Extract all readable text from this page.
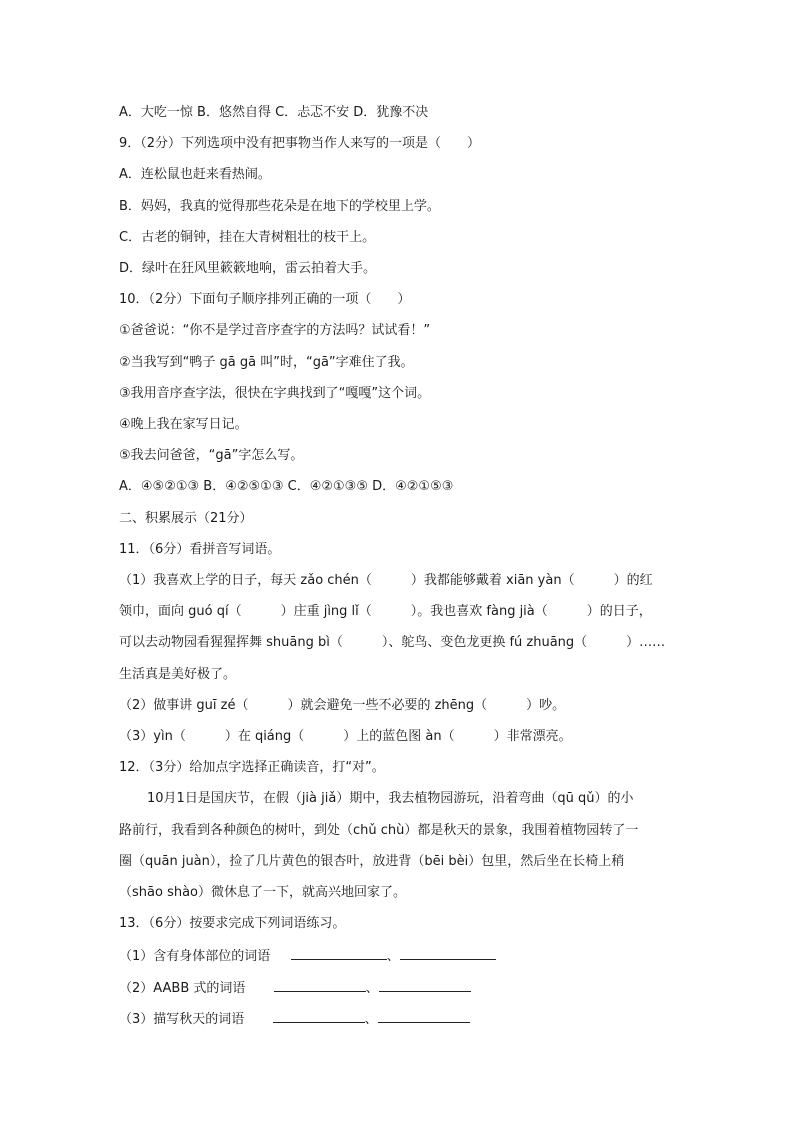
A．大吃一惊 B．悠然自得 C．忐忑不安 D．犹豫不决
9．（2分）下列选项中没有把事物当作人来写的一项是（　　）
A．连松鼠也赶来看热闹。
B．妈妈，我真的觉得那些花朵是在地下的学校里上学。
C．古老的铜钟，挂在大青树粗壮的枝干上。
D．绿叶在狂风里簌簌地响，雷云拍着大手。
10．（2分）下面句子顺序排列正确的一项（　　）
①爸爸说：“你不是学过音序查字的方法吗？试试看！”
②当我写到“鸭子 gā gā 叫”时，“gā”字难住了我。
③我用音序查字法，很快在字典找到了“嘎嘎”这个词。
④晚上我在家写日记。
⑤我去问爸爸，“gā”字怎么写。
A．④⑤②①③ B．④②⑤①③ C．④②①③⑤ D．④②①⑤③
二、积累展示（21分）
11．（6分）看拼音写词语。
（1）我喜欢上学的日子，每天 zǎo chén（　　　）我都能够戴着 xiān yàn（　　　）的红
领巾，面向 guó qí（　　　）庄重 jìng lǐ（　　　）。我也喜欢 fàng jià（　　　）的日子，
可以去动物园看猩猩挥舞 shuāng bì（　　　）、鸵鸟、变色龙更换 fú zhuāng（　　　）……
生活真是美好极了。
（2）做事讲 guī zé（　　　）就会避免一些不必要的 zhēng（　　　）吵。
（3）yìn（　　　）在 qiáng（　　　）上的蓝色图 àn（　　　）非常漂亮。
12．（3分）给加点字选择正确读音，打“对”。
10月1日是国庆节，在假（jià jiǎ）期中，我去植物园游玩，沿着弯曲（qū qǔ）的小
路前行，我看到各种颜色的树叶，到处（chǔ chù）都是秋天的景象，我围着植物园转了一
圈（quān juàn），捡了几片黄色的银杏叶，放进背（bēi bèi）包里，然后坐在长椅上稍
（shāo shào）微休息了一下，就高兴地回家了。
13．（6分）按要求完成下列词语练习。
（1）含有身体部位的词语	、
（2）AABB 式的词语	、
（3）描写秋天的词语	、
